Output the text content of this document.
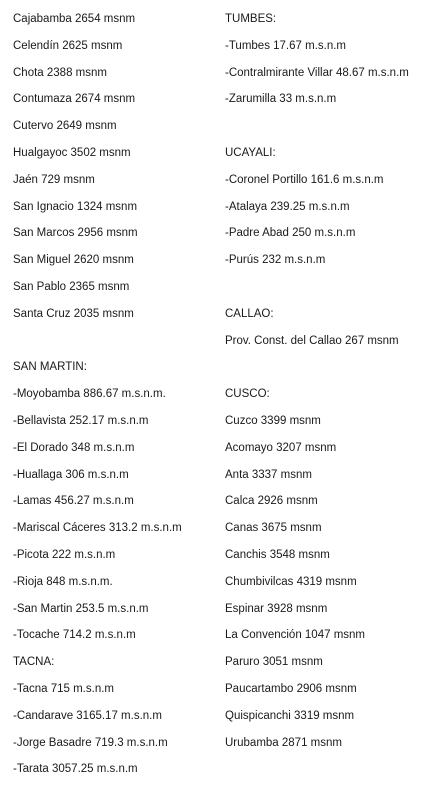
Cajabamba 2654 msnm
Celendín 2625 msnm
Chota 2388 msnm
Contumaza 2674 msnm
Cutervo 2649 msnm
Hualgayoc 3502 msnm
Jaén 729 msnm
San Ignacio 1324 msnm
San Marcos 2956 msnm
San Miguel 2620 msnm
San Pablo 2365 msnm
Santa Cruz 2035 msnm
SAN MARTIN:
-Moyobamba 886.67 m.s.n.m.
-Bellavista 252.17 m.s.n.m
-El Dorado 348 m.s.n.m
-Huallaga 306 m.s.n.m
-Lamas 456.27 m.s.n.m
-Mariscal Cáceres 313.2 m.s.n.m
-Picota 222 m.s.n.m
-Rioja 848 m.s.n.m.
-San Martin 253.5 m.s.n.m
-Tocache 714.2 m.s.n.m
TACNA:
-Tacna 715 m.s.n.m
-Candarave 3165.17 m.s.n.m
-Jorge Basadre 719.3 m.s.n.m
-Tarata 3057.25 m.s.n.m
TUMBES:
-Tumbes 17.67 m.s.n.m
-Contralmirante Villar 48.67 m.s.n.m
-Zarumilla 33 m.s.n.m
UCAYALI:
-Coronel Portillo 161.6 m.s.n.m
-Atalaya 239.25 m.s.n.m
-Padre Abad 250 m.s.n.m
-Purús 232 m.s.n.m
CALLAO:
Prov. Const. del Callao 267 msnm
CUSCO:
Cuzco 3399 msnm
Acomayo 3207 msnm
Anta 3337 msnm
Calca 2926 msnm
Canas 3675 msnm
Canchis 3548 msnm
Chumbivilcas 4319 msnm
Espinar 3928 msnm
La Convención 1047 msnm
Paruro 3051 msnm
Paucartambo 2906 msnm
Quispicanchi 3319 msnm
Urubamba 2871 msnm
